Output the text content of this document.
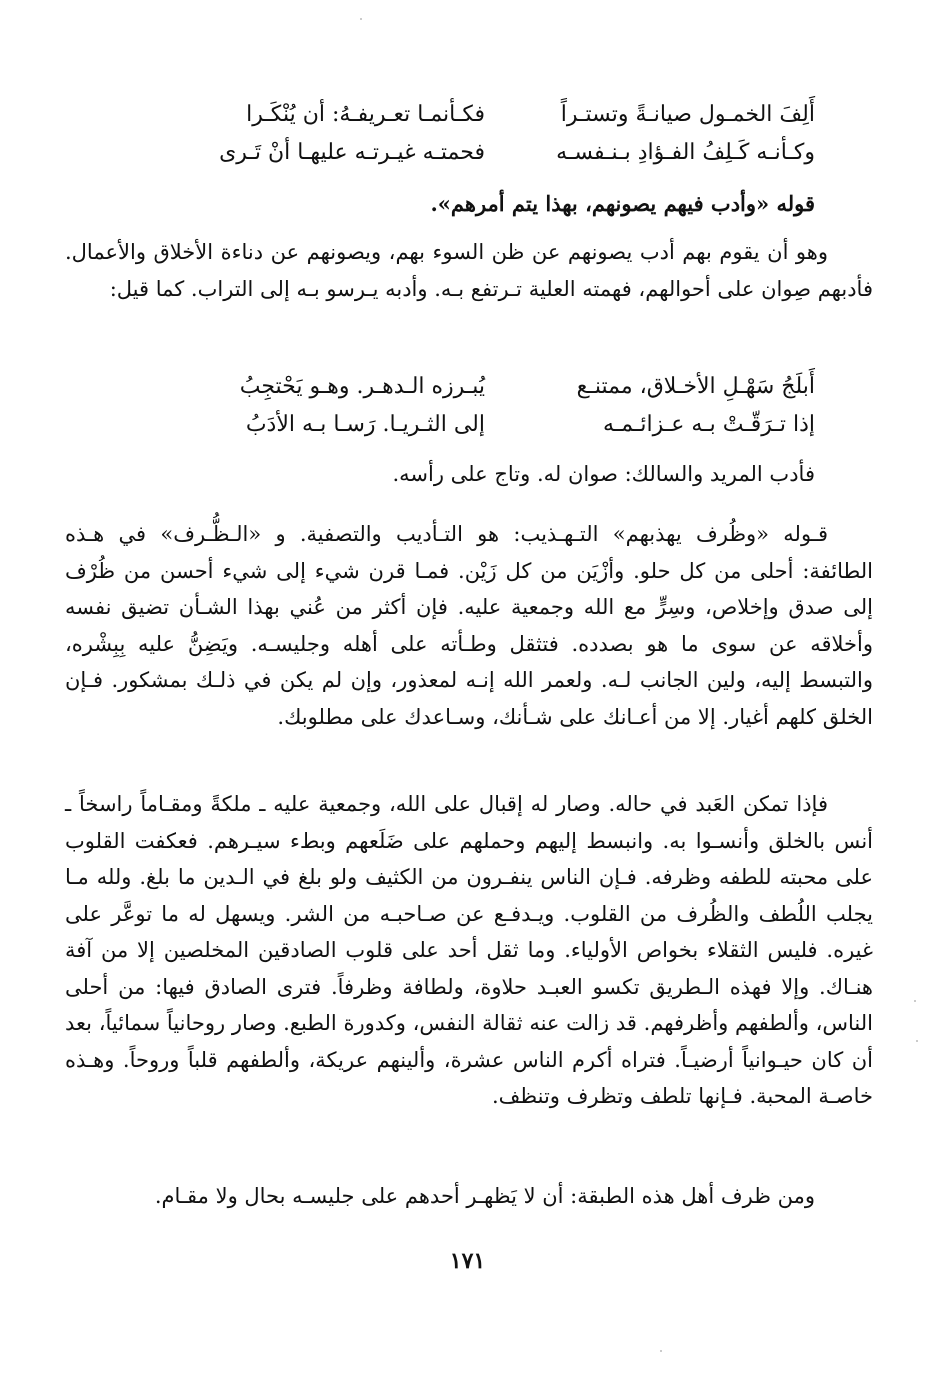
أَلِفَ الخمـول صيانـةً وتستـراً
فكـأنمـا تعـريفـهُ: أن يُنْكَـرا
وكـأنـه كَـلِفُ الفـؤادِ بـنـفسـه
فحمتـه غيـرتـه عليهـا أنْ تَـرى

قوله «وأدب فيهم يصونهم، بهذا يتم أمرهم».

وهو أن يقوم بهم أدب يصونهم عن ظن السوء بهم، ويصونهم عن دناءة الأخلاق والأعمال. فأدبهم صِوان على أحوالهم، فهمته العلية تـرتفع بـه. وأدبه يـرسو بـه إلى التراب. كما قيل:

أَبلَجُ سَهْـلِ الأخـلاق، ممتنـع
يُبـرزه الـدهـر. وهـو يَحْتجِبُ
إذا تـرَقّـتْ بـه عـزائـمـه
إلى الثـريـا. رَسـا بـه الأدَبُ

فأدب المريد والسالك: صوان له. وتاج على رأسه.

قـوله «وظُرف يهذبهم» التـهـذيب: هو التـأديب والتصفية. و «الـظُّـرف» في هـذه الطائفة: أحلى من كل حلو. وأزْيَن من كل زَيْن. فمـا قرن شيء إلى شيء أحسن من ظُرْف إلى صدق وإخلاص، وسِرٍّ مع الله وجمعية عليه. فإن أكثر من عُني بهذا الشـأن تضيق نفسه وأخلاقه عن سوى ما هو بصدده. فتثقل وطـأته على أهله وجليسـه. ويَضِنُّ عليه بِبِشْره، والتبسط إليه، ولين الجانب لـه. ولعمر الله إنـه لمعذور، وإن لم يكن في ذلـك بمشكور. فـإن الخلق كلهم أغيار. إلا من أعـانك على شـأنك، وسـاعدك على مطلوبك.

فإذا تمكن العَبد في حاله. وصار له إقبال على الله، وجمعية عليه ـ ملكةً ومقـاماً راسخاً ـ أنس بالخلق وأنسـوا به. وانبسط إليهم وحملهم على ضَلَعهم وبطء سيـرهم. فعكفت القلوب على محبته للطفه وظرفه. فـإن الناس ينفـرون من الكثيف ولو بلغ في الـدين ما بلغ. ولله مـا يجلب اللُطف والظُرف من القلوب. ويـدفـع عن صـاحبـه من الشر. ويسهل له ما توعَّر على غيره. فليس الثقلاء بخواص الأولياء. وما ثقل أحد على قلوب الصادقين المخلصين إلا من آفة هنـاك. وإلا فهذه الـطريق تكسو العبـد حلاوة، ولطافة وظرفاً. فترى الصادق فيها: من أحلى الناس، وألطفهم وأظرفهم. قد زالت عنه ثقالة النفس، وكدورة الطبع. وصار روحانياً سمائياً، بعد أن كان حيـوانياً أرضيـاً. فتراه أكرم الناس عشرة، وألينهم عريكة، وألطفهم قلباً وروحاً. وهـذه خاصـة المحبة. فـإنها تلطف وتظرف وتنظف.

ومن ظرف أهل هذه الطبقة: أن لا يَظهـر أحدهم على جليسـه بحال ولا مقـام.

١٧١
